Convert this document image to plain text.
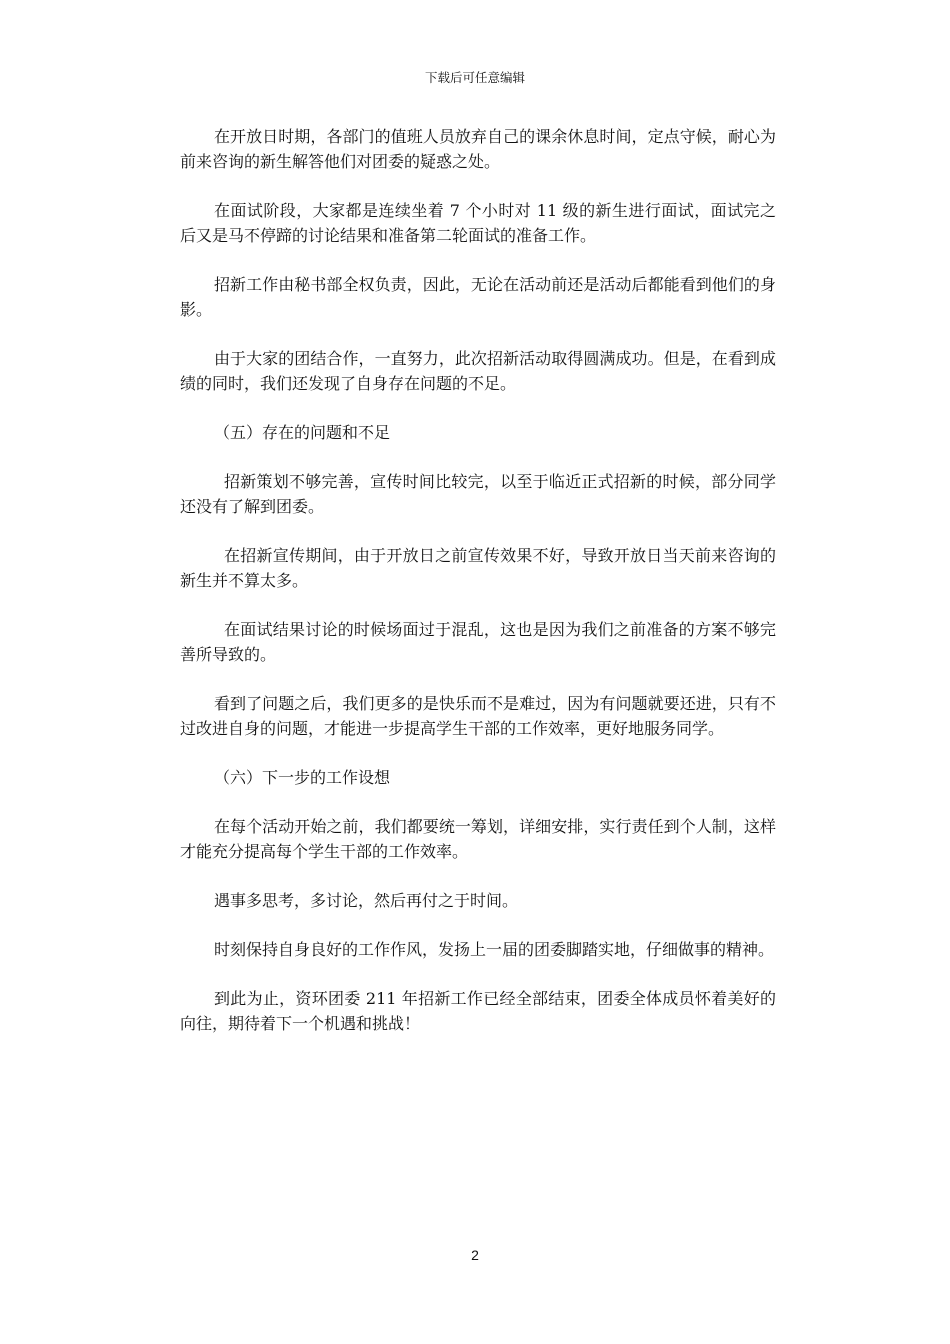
下载后可任意编辑

在开放日时期，各部门的值班人员放弃自己的课余休息时间，定点守候，耐心为前来咨询的新生解答他们对团委的疑惑之处。

在面试阶段，大家都是连续坐着 7 个小时对 11 级的新生进行面试，面试完之后又是马不停蹄的讨论结果和准备第二轮面试的准备工作。

招新工作由秘书部全权负责，因此，无论在活动前还是活动后都能看到他们的身影。

由于大家的团结合作，一直努力，此次招新活动取得圆满成功。但是，在看到成绩的同时，我们还发现了自身存在问题的不足。

（五）存在的问题和不足

招新策划不够完善，宣传时间比较完，以至于临近正式招新的时候，部分同学还没有了解到团委。

在招新宣传期间，由于开放日之前宣传效果不好，导致开放日当天前来咨询的新生并不算太多。

在面试结果讨论的时候场面过于混乱，这也是因为我们之前准备的方案不够完善所导致的。

看到了问题之后，我们更多的是快乐而不是难过，因为有问题就要还进，只有不过改进自身的问题，才能进一步提高学生干部的工作效率，更好地服务同学。

（六）下一步的工作设想

在每个活动开始之前，我们都要统一筹划，详细安排，实行责任到个人制，这样才能充分提高每个学生干部的工作效率。

遇事多思考，多讨论，然后再付之于时间。

时刻保持自身良好的工作作风，发扬上一届的团委脚踏实地，仔细做事的精神。

到此为止，资环团委 211 年招新工作已经全部结束，团委全体成员怀着美好的向往，期待着下一个机遇和挑战！

2
